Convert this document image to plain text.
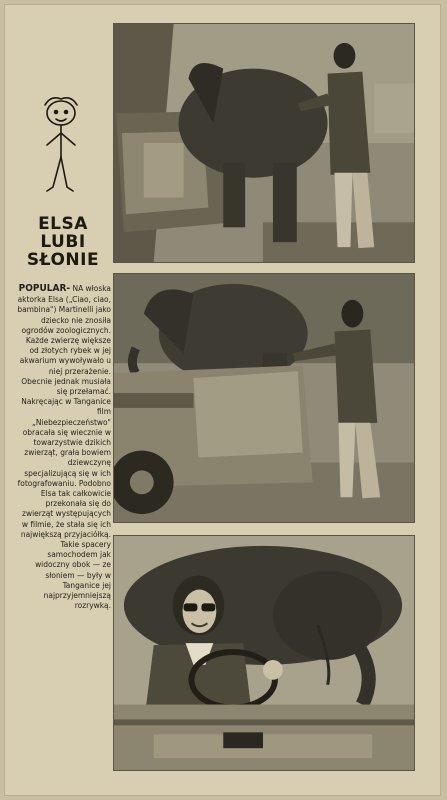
ELSA
LUBI
SŁONIE

POPULAR- NA włoska aktorka Elsa („Ciao, ciao, bambina") Martinelli jako dziecko nie znosiła ogrodów zoologicznych. Każde zwierzę większe od złotych rybek w jej akwarium wywoływało u niej przerażenie. Obecnie jednak musiała się przełamać. Nakręcając w Tanganice film „Niebezpieczeństwo" obracała się wiecznie w towarzystwie dzikich zwierząt, grała bowiem dziewczynę specjalizującą się w ich fotografowaniu. Podobno Elsa tak całkowicie przekonała się do zwierząt występujących w filmie, że stała się ich największą przyjaciółką. Takie spacery samochodem jak widoczny obok — ze słoniem — były w Tanganice jej najprzyjemniejszą rozrywką.
